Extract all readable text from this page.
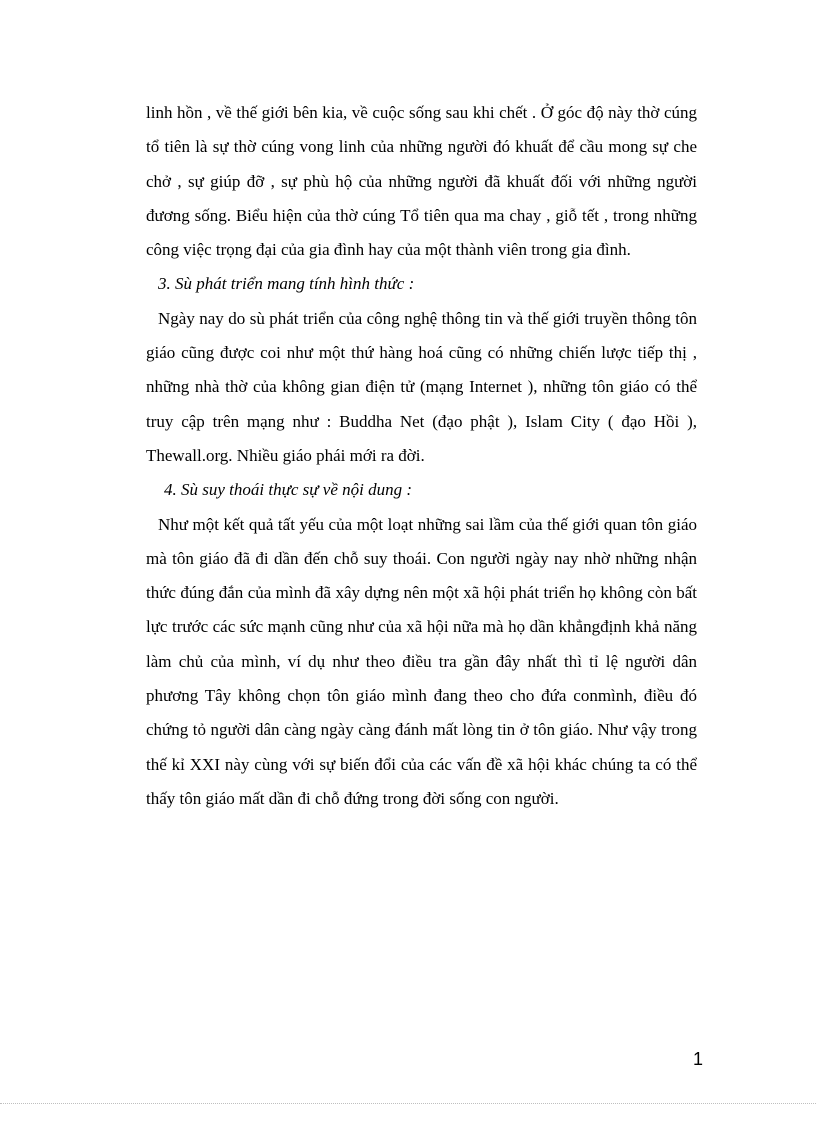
linh hồn , về thế giới bên kia, về cuộc sống sau khi chết . Ở góc độ này thờ cúng tổ tiên là sự thờ cúng vong linh của những người đó khuất để cầu mong sự che chở , sự giúp đỡ , sự phù hộ của những người đã khuất đối với những người đương sống. Biểu hiện của thờ cúng Tổ tiên qua ma chay , giỗ tết , trong những công việc trọng đại của gia đình hay của một thành viên trong gia đình.

3. Sù phát triển mang tính hình thức :

Ngày nay do sù phát triển của công nghệ thông tin và thế giới truyền thông tôn giáo cũng được coi như một thứ hàng hoá cũng có những chiến lược tiếp thị , những nhà thờ của không gian điện tử (mạng Internet ), những tôn giáo có thể truy cập trên mạng như : Buddha Net (đạo phật ), Islam City ( đạo Hồi ), Thewall.org. Nhiều giáo phái mới ra đời.

4. Sù suy thoái thực sự về nội dung :

Như một kết quả tất yếu của một loạt những sai lầm của thế giới quan tôn giáo mà tôn giáo đã đi dần đến chỗ suy thoái. Con người ngày nay nhờ những nhận thức đúng đắn của mình đã xây dựng nên một xã hội phát triển họ không còn bất lực trước các sức mạnh cũng như của xã hội nữa mà họ dần khẳngđịnh khả năng làm chủ của mình, ví dụ như theo điều tra gần đây nhất thì tỉ lệ người dân phương Tây không chọn tôn giáo mình đang theo cho đứa conmình, điều đó chứng tỏ người dân càng ngày càng đánh mất lòng tin ở tôn giáo. Như vậy trong thế kỉ XXI này cùng với sự biến đổi của các vấn đề xã hội khác chúng ta có thể thấy tôn giáo mất dần đi chỗ đứng trong đời sống con người.

1
